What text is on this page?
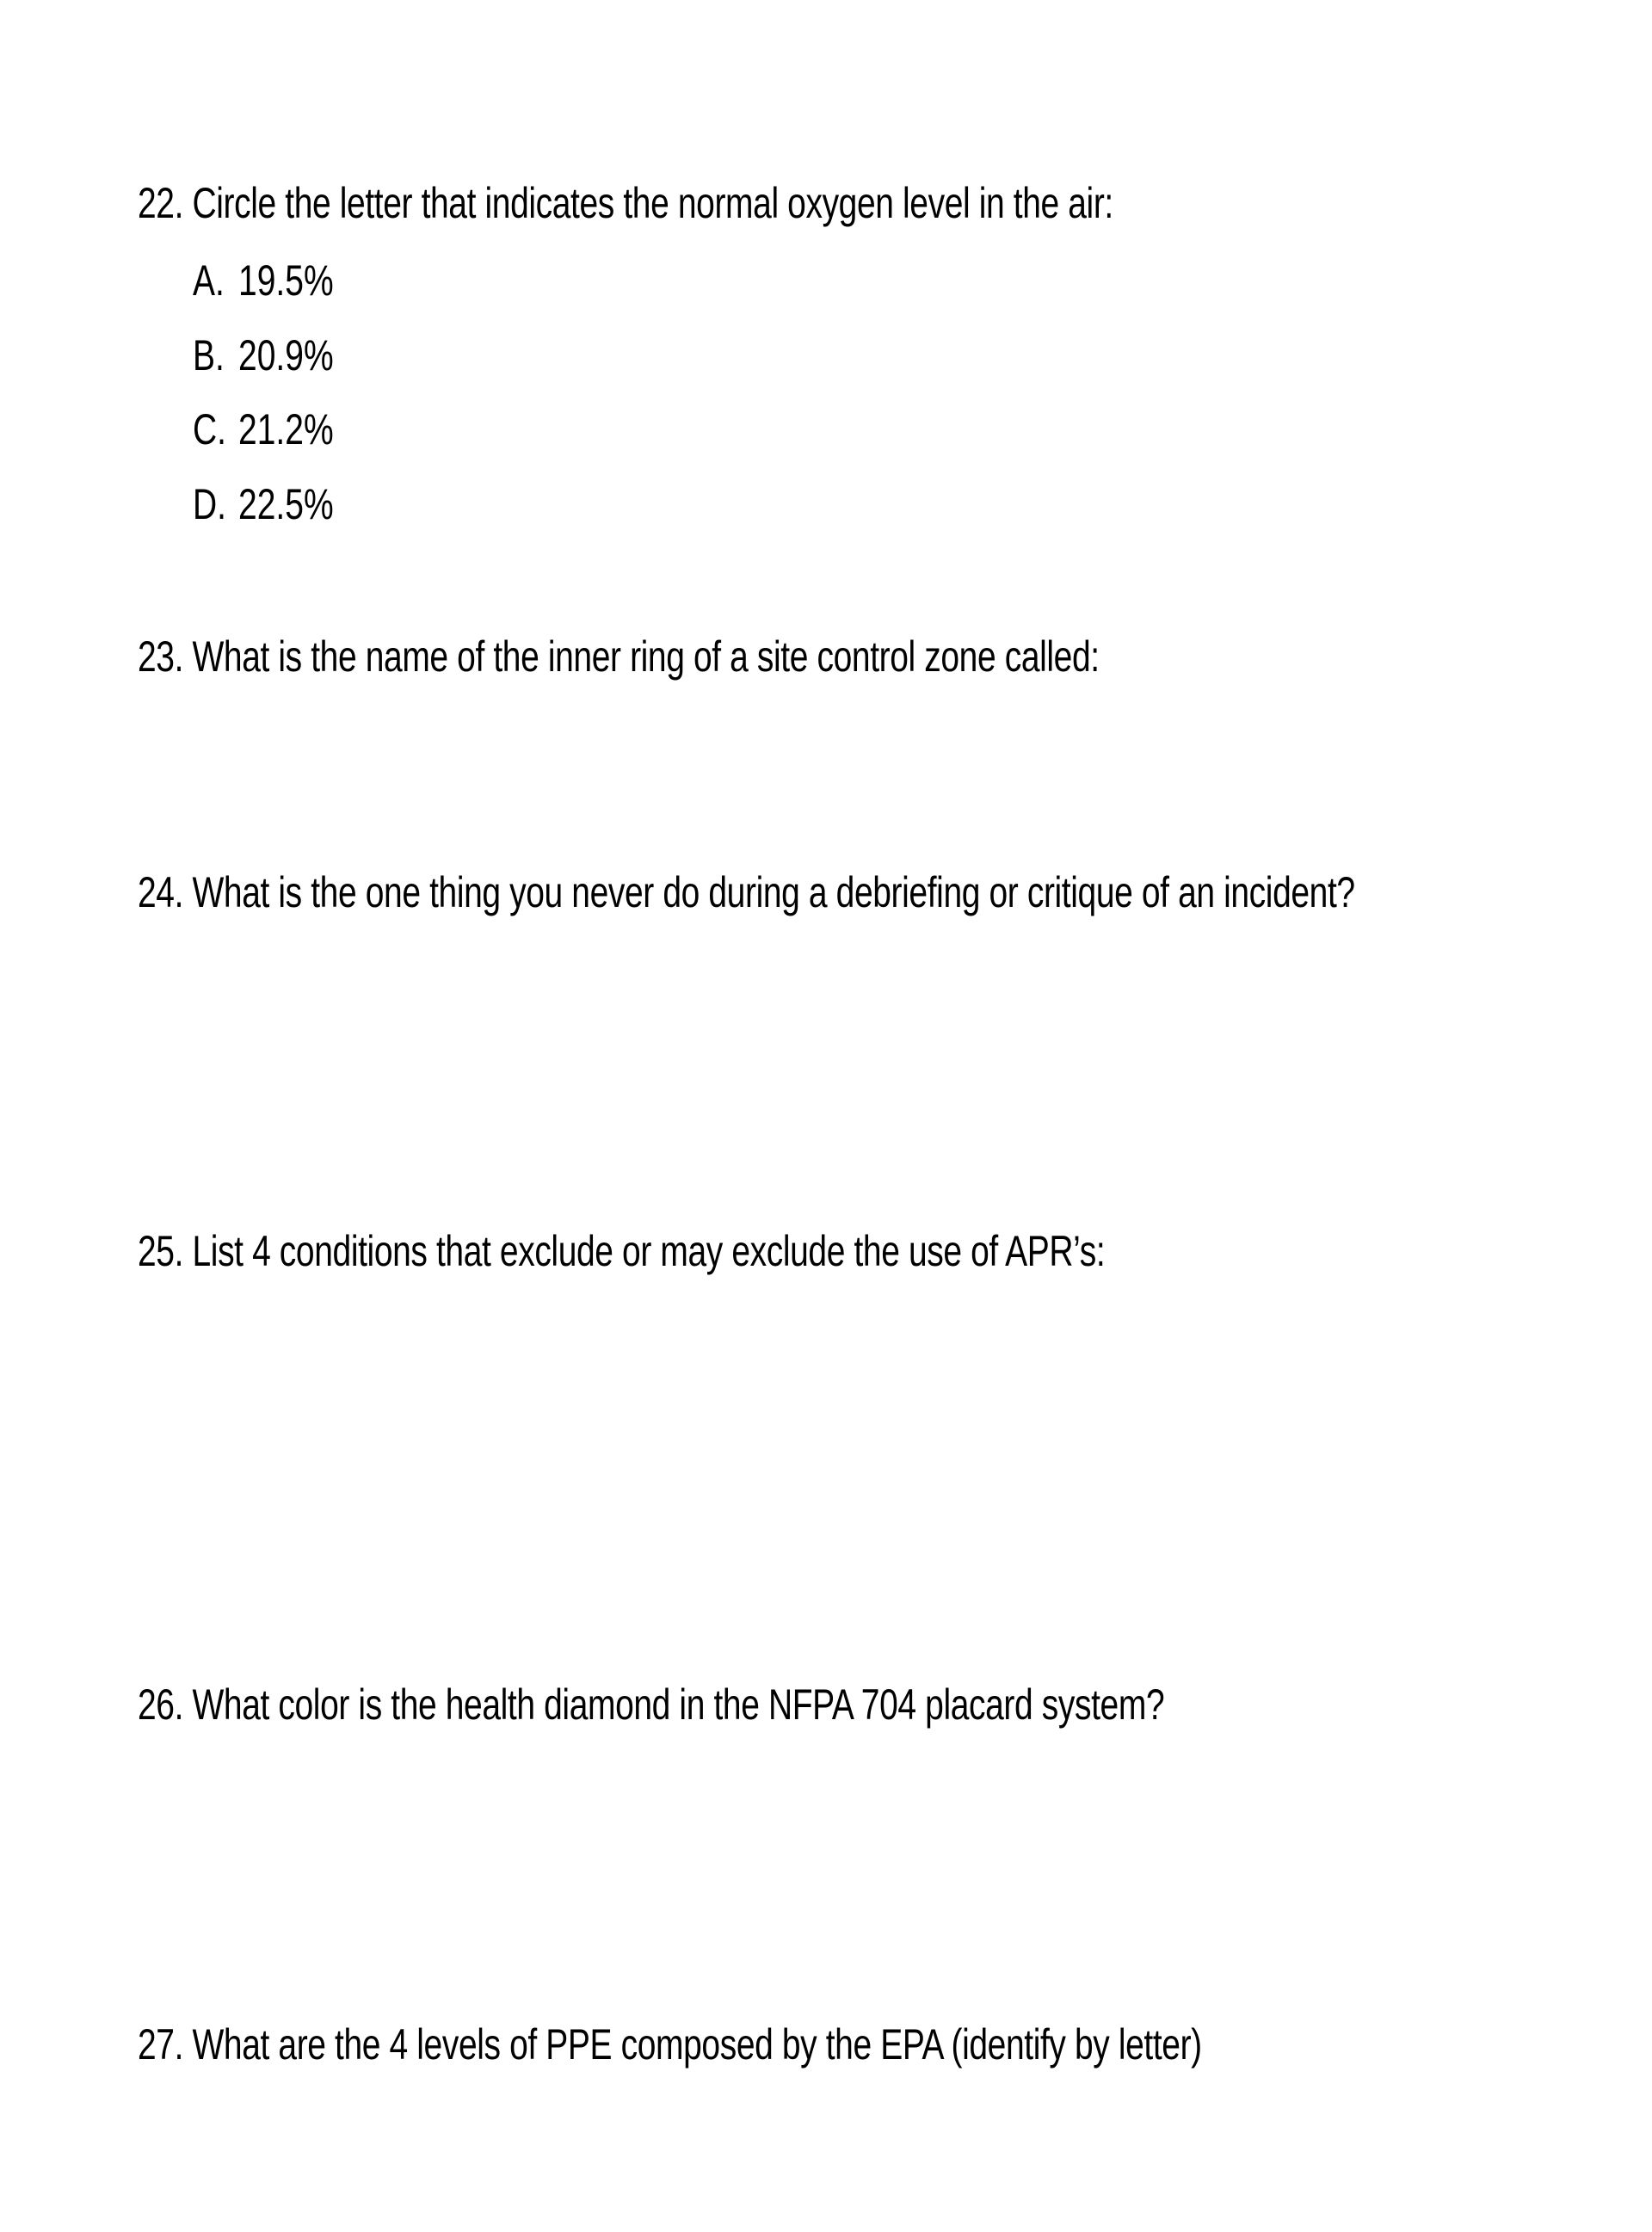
22. Circle the letter that indicates the normal oxygen level in the air:
A. 19.5%
B. 20.9%
C. 21.2%
D. 22.5%
23. What is the name of the inner ring of a site control zone called:
24. What is the one thing you never do during a debriefing or critique of an incident?
25. List 4 conditions that exclude or may exclude the use of APR’s:
26. What color is the health diamond in the NFPA 704 placard system?
27. What are the 4 levels of PPE composed by the EPA (identify by letter)
